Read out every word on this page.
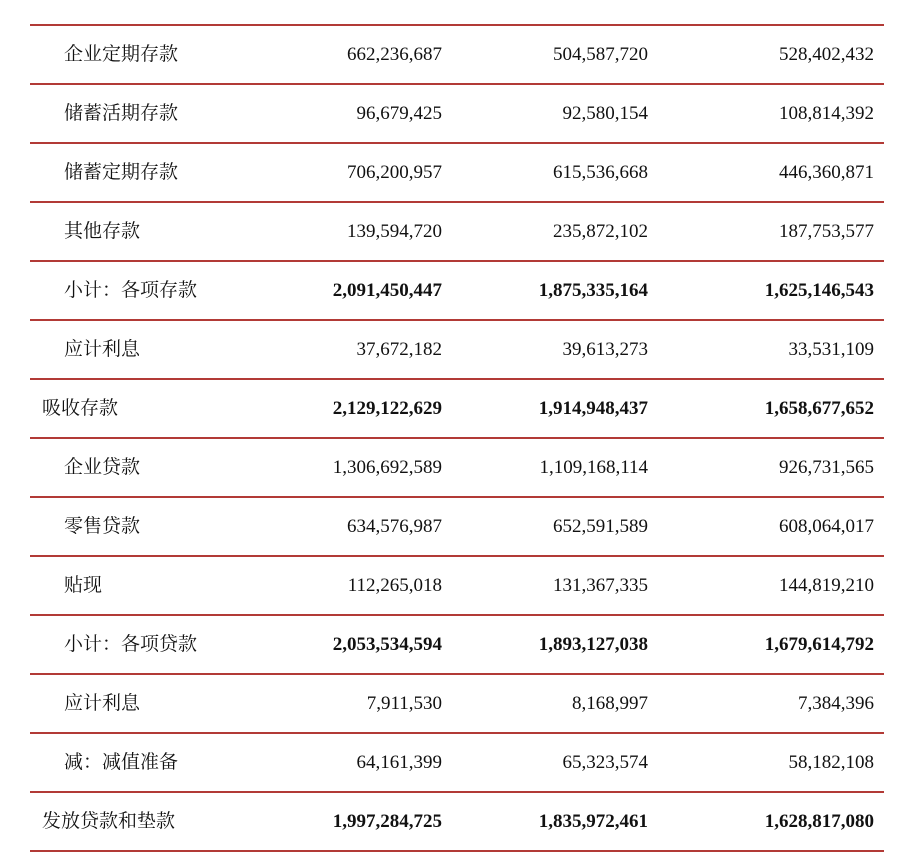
企业定期存款	662,236,687	504,587,720	528,402,432
储蓄活期存款	96,679,425	92,580,154	108,814,392
储蓄定期存款	706,200,957	615,536,668	446,360,871
其他存款	139,594,720	235,872,102	187,753,577
小计：各项存款	2,091,450,447	1,875,335,164	1,625,146,543
应计利息	37,672,182	39,613,273	33,531,109
吸收存款	2,129,122,629	1,914,948,437	1,658,677,652
企业贷款	1,306,692,589	1,109,168,114	926,731,565
零售贷款	634,576,987	652,591,589	608,064,017
贴现	112,265,018	131,367,335	144,819,210
小计：各项贷款	2,053,534,594	1,893,127,038	1,679,614,792
应计利息	7,911,530	8,168,997	7,384,396
减：减值准备	64,161,399	65,323,574	58,182,108
发放贷款和垫款	1,997,284,725	1,835,972,461	1,628,817,080
